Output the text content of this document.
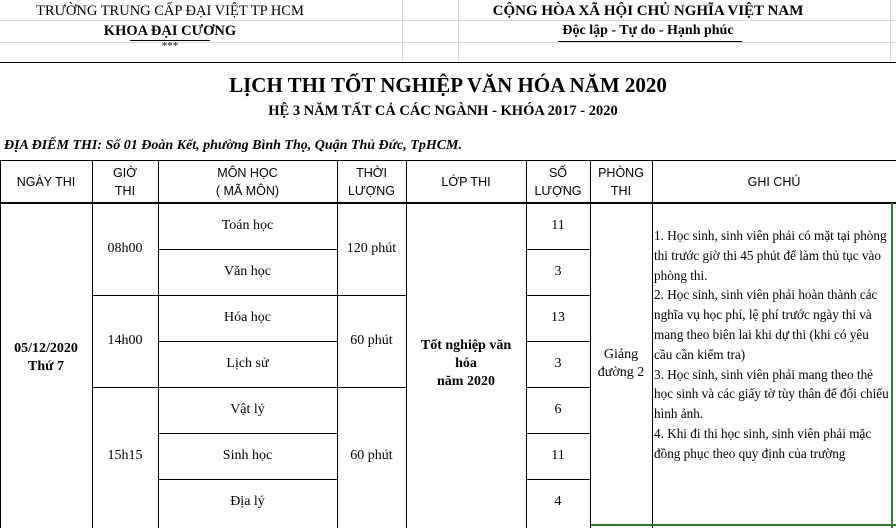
TRƯỜNG TRUNG CẤP ĐẠI VIỆT TP HCM
KHOA ĐẠI CƯƠNG
***
CỘNG HÒA XÃ HỘI CHỦ NGHĨA VIỆT NAM
Độc lập - Tự do - Hạnh phúc
LỊCH THI TỐT NGHIỆP VĂN HÓA NĂM 2020
HỆ 3 NĂM TẤT CẢ CÁC NGÀNH - KHÓA 2017 - 2020
ĐỊA ĐIỂM THI: Số 01 Đoàn Kết, phường Bình Thọ, Quận Thủ Đức, TpHCM.
NGÀY THI
GIỜ
THI
MÔN HỌC
( MÃ MÔN)
THỜI
LƯỢNG
LỚP THI
SỐ
LƯỢNG
PHÒNG
THI
GHI CHÚ
05/12/2020
Thứ 7
08h00
14h00
15h15
120 phút
60 phút
60 phút
Toán học
Văn học
Hóa học
Lịch sử
Vật lý
Sinh học
Địa lý
Tốt nghiệp văn
hóa
năm 2020
11
3
13
3
6
11
4
Giảng
đường 2
1. Học sinh, sinh viên phải có mặt tại phòng thi trước giờ thi 45 phút để làm thủ tục vào phòng thi.
2. Học sinh, sinh viên phải hoàn thành các nghĩa vụ học phí, lệ phí trước ngày thi và mang theo biên lai khi dự thi (khi có yêu cầu cần kiểm tra)
3. Học sinh, sinh viên phải mang theo thẻ học sinh và các giấy tờ tùy thân để đối chiếu hình ảnh.
4. Khi đi thi học sinh, sinh viên phải mặc đồng phục theo quy định của trường
